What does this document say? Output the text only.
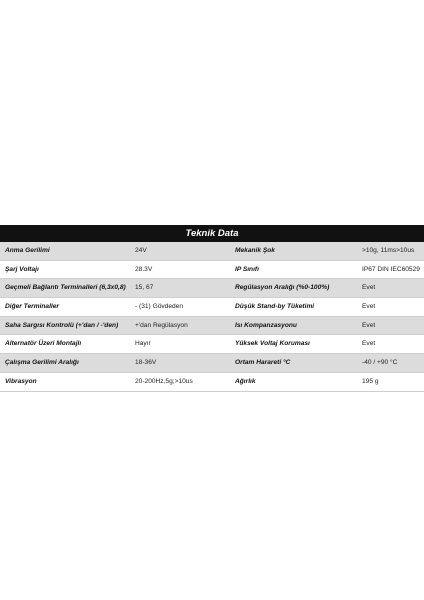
Teknik Data
Anma Gerilimi	24V	Mekanik Şok	>10g, 11ms>10us
Şarj Voltajı	28.3V	IP Sınıfı	IP67 DIN IEC60529
Geçmeli Bağlantı Terminalleri (6,3x0,8)	15, 67	Regülasyon Aralığı (%0-100%)	Evet
Diğer Terminaller	- (31) Gövdeden	Düşük Stand-by Tüketimi	Evet
Saha Sargısı Kontrolü (+'dan / -'den)	+'dan Regülasyon	Isı Kompanzasyonu	Evet
Alternatör Üzeri Montajlı	Hayır	Yüksek Voltaj Koruması	Evet
Çalışma Gerilimi Aralığı	18-36V	Ortam Harareti °C	-40 / +90 °C
Vibrasyon	20-200Hz,5g;>10us	Ağırlık	195 g
